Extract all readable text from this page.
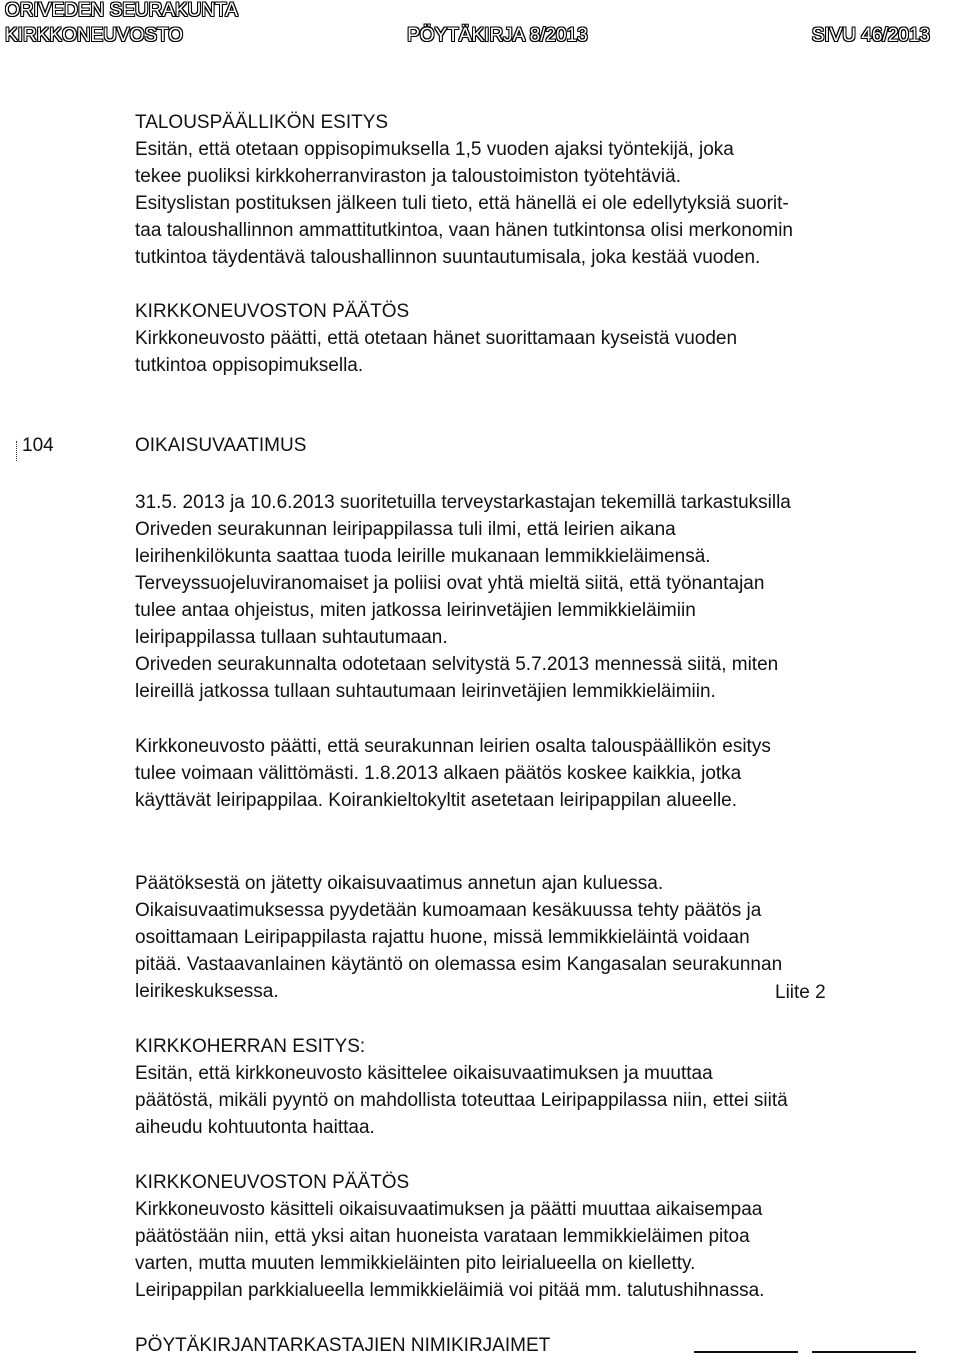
ORIVEDEN SEURAKUNTA
KIRKKONEUVOSTO	PÖYTÄKIRJA 8/2013	SIVU 46/2013
TALOUSPÄÄLLIKÖN ESITYS
Esitän, että otetaan oppisopimuksella 1,5 vuoden ajaksi työntekijä, joka
tekee puoliksi kirkkoherranviraston ja taloustoimiston työtehtäviä.
Esityslistan postituksen jälkeen tuli tieto, että hänellä ei ole edellytyksiä suorit-
taa taloushallinnon ammattitutkintoa, vaan hänen tutkintonsa olisi merkonomin
tutkintoa täydentävä taloushallinnon suuntautumisala, joka kestää vuoden.
KIRKKONEUVOSTON PÄÄTÖS
Kirkkoneuvosto päätti, että otetaan hänet suorittamaan kyseistä vuoden
tutkintoa oppisopimuksella.
104	OIKAISUVAATIMUS
31.5. 2013 ja 10.6.2013 suoritetuilla terveystarkastajan tekemillä tarkastuksilla
Oriveden seurakunnan leiripappilassa tuli ilmi, että leirien aikana
leirihenkilökunta saattaa tuoda leirille mukanaan lemmikkieläimensä.
Terveyssuojeluviranomaiset ja poliisi ovat yhtä mieltä siitä, että työnantajan
tulee antaa ohjeistus, miten jatkossa leirinvetäjien lemmikkieläimiin
leiripappilassa tullaan suhtautumaan.
Oriveden seurakunnalta odotetaan selvitystä 5.7.2013 mennessä siitä, miten
leireillä jatkossa tullaan suhtautumaan leirinvetäjien lemmikkieläimiin.
Kirkkoneuvosto päätti, että seurakunnan leirien osalta talouspäällikön esitys
tulee voimaan välittömästi. 1.8.2013 alkaen päätös koskee kaikkia, jotka
käyttävät leiripappilaa. Koirankieltokyltit asetetaan leiripappilan alueelle.
Päätöksestä on jätetty oikaisuvaatimus annetun ajan kuluessa.
Oikaisuvaatimuksessa pyydetään kumoamaan kesäkuussa tehty päätös ja
osoittamaan Leiripappilasta rajattu huone, missä lemmikkieläintä voidaan
pitää. Vastaavanlainen käytäntö on olemassa esim Kangasalan seurakunnan
leirikeskuksessa.	Liite 2
KIRKKOHERRAN ESITYS:
Esitän, että kirkkoneuvosto käsittelee oikaisuvaatimuksen ja muuttaa
päätöstä, mikäli pyyntö on mahdollista toteuttaa Leiripappilassa niin, ettei siitä
aiheudu kohtuutonta haittaa.
KIRKKONEUVOSTON PÄÄTÖS
Kirkkoneuvosto käsitteli oikaisuvaatimuksen ja päätti muuttaa aikaisempaa
päätöstään niin, että yksi aitan huoneista varataan lemmikkieläimen pitoa
varten, mutta muuten lemmikkieläinten pito leirialueella on kielletty.
Leiripappilan parkkialueella lemmikkieläimiä voi pitää mm. talutushihnassa.
PÖYTÄKIRJANTARKASTAJIEN NIMIKIRJAIMET
